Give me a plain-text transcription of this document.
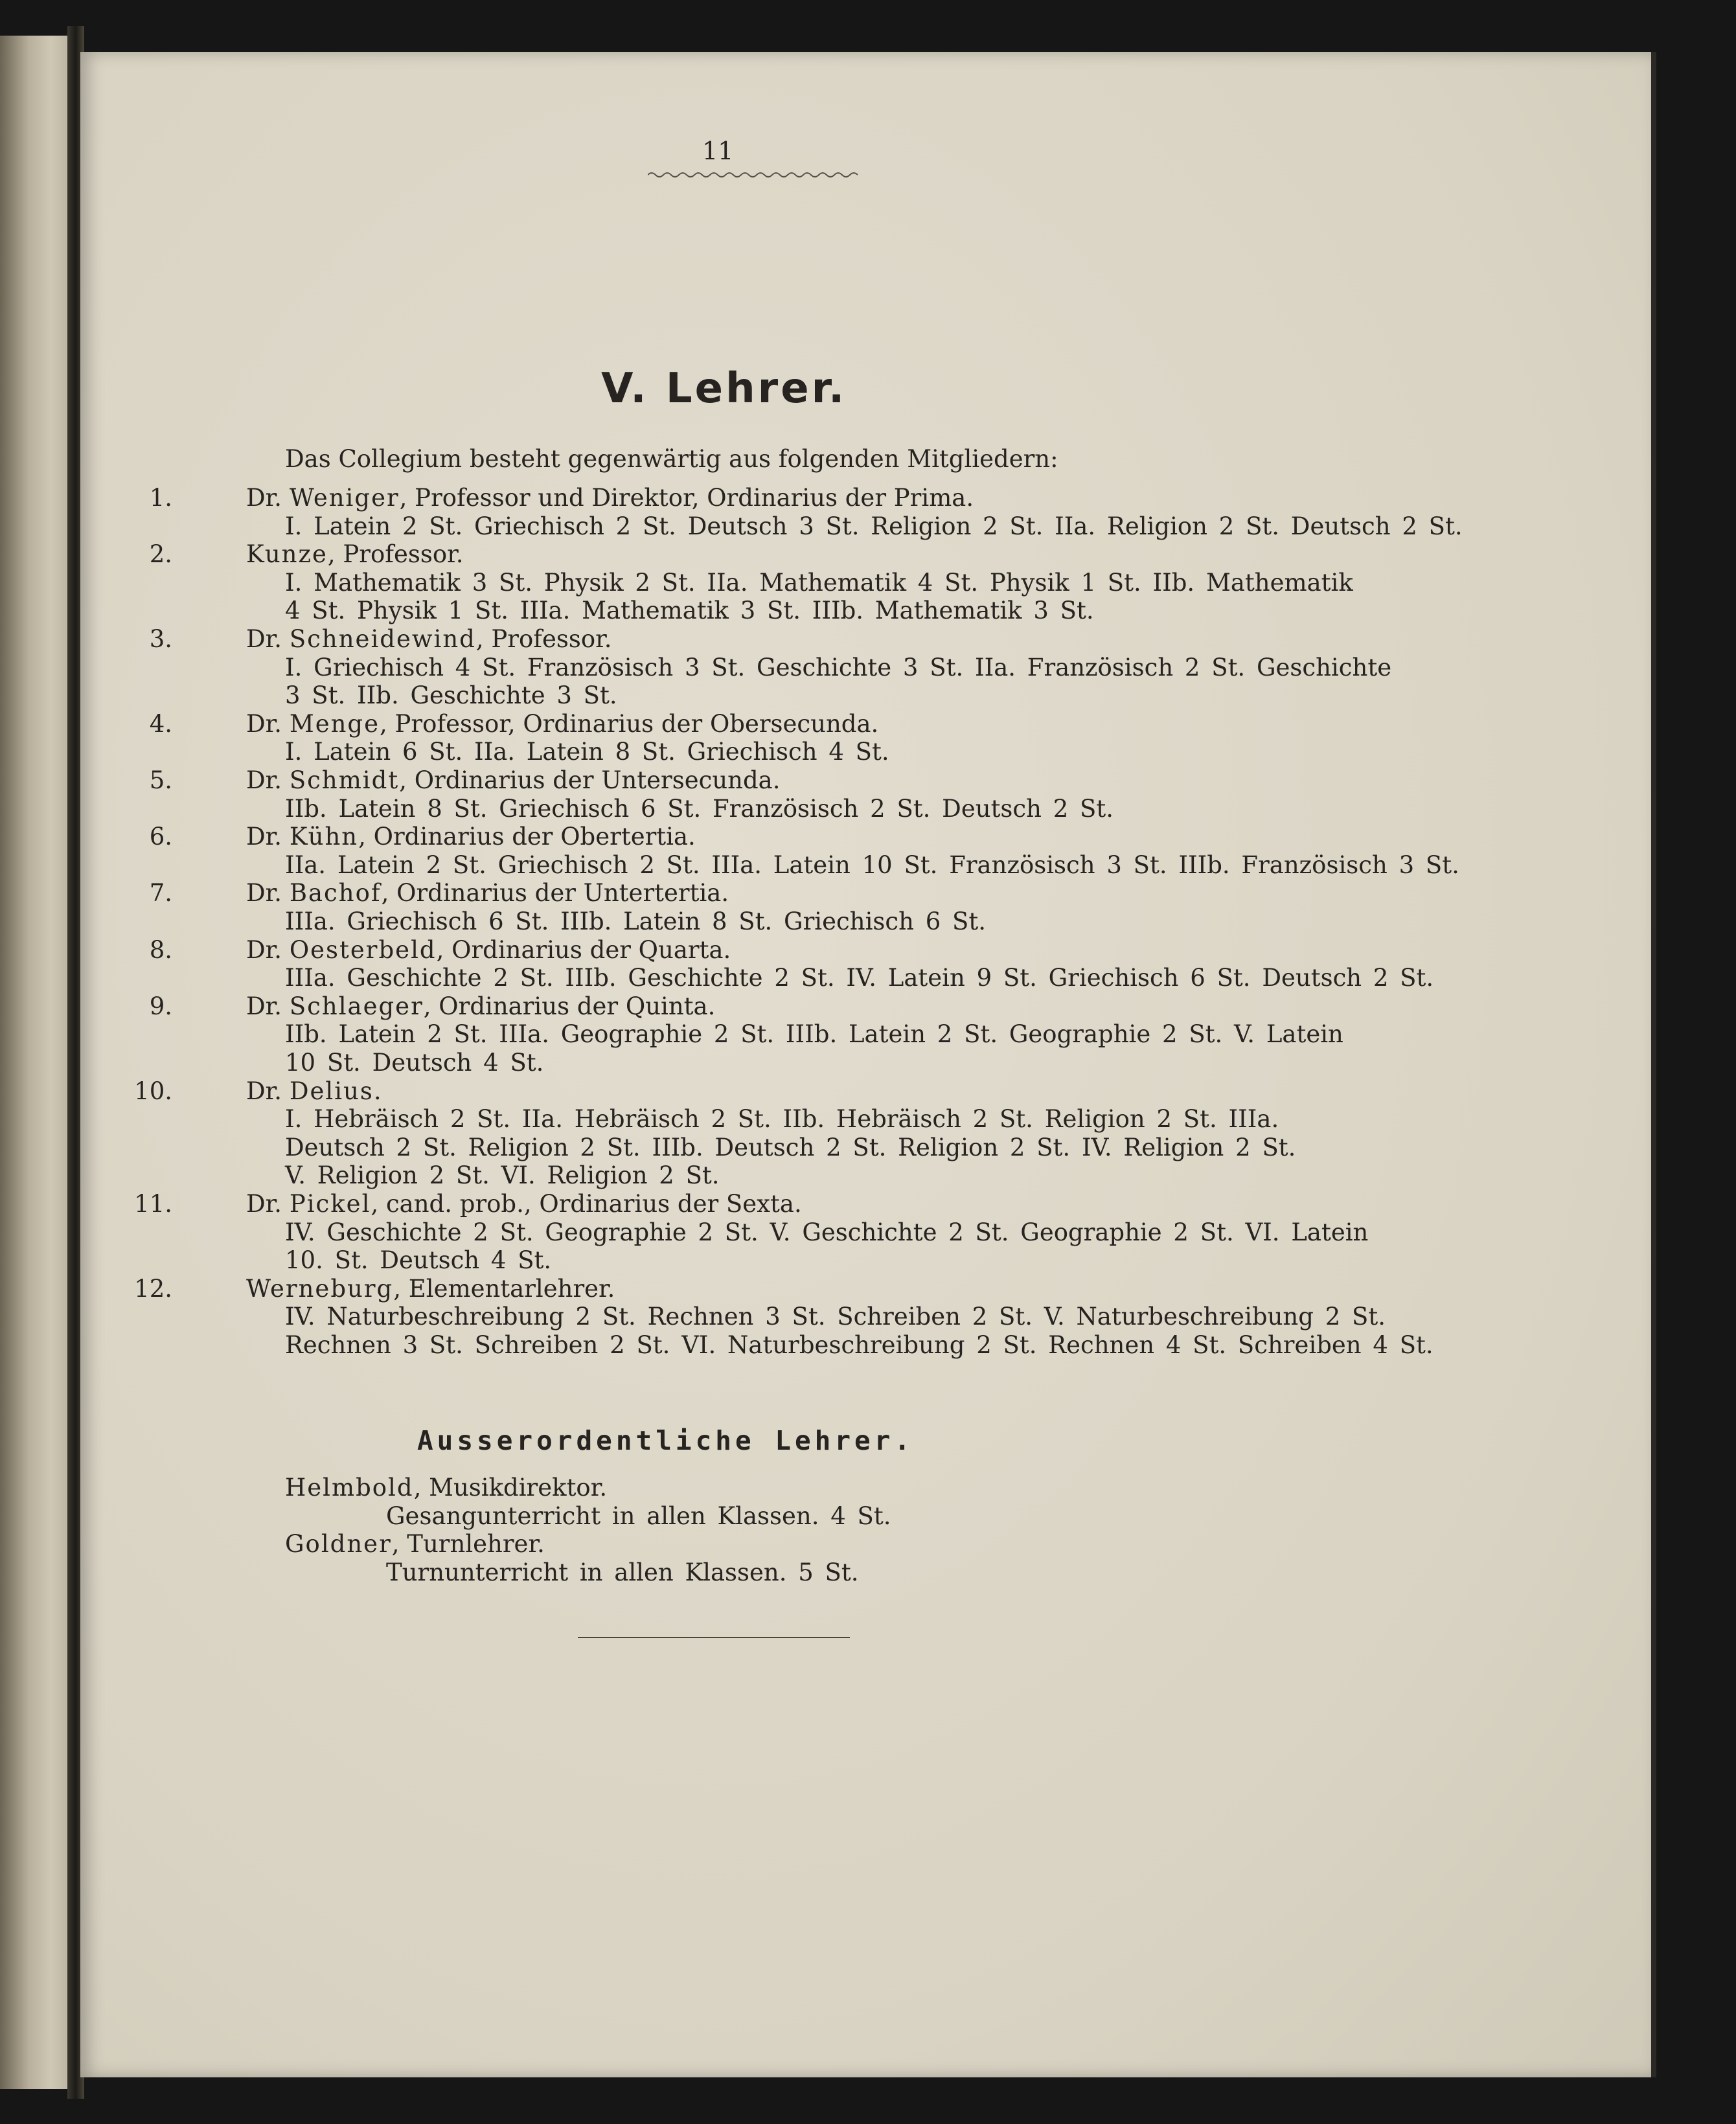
11
V. Lehrer.
Das Collegium besteht gegenwärtig aus folgenden Mitgliedern:
1.	Dr. Weniger, Professor und Direktor, Ordinarius der Prima.
I. Latein 2 St. Griechisch 2 St. Deutsch 3 St. Religion 2 St. IIa. Religion 2 St. Deutsch 2 St.
2.	Kunze, Professor.
I. Mathematik 3 St. Physik 2 St. IIa. Mathematik 4 St. Physik 1 St. IIb. Mathematik
4 St. Physik 1 St. IIIa. Mathematik 3 St. IIIb. Mathematik 3 St.
3.	Dr. Schneidewind, Professor.
I. Griechisch 4 St. Französisch 3 St. Geschichte 3 St. IIa. Französisch 2 St. Geschichte
3 St. IIb. Geschichte 3 St.
4.	Dr. Menge, Professor, Ordinarius der Obersecunda.
I. Latein 6 St. IIa. Latein 8 St. Griechisch 4 St.
5.	Dr. Schmidt, Ordinarius der Untersecunda.
IIb. Latein 8 St. Griechisch 6 St. Französisch 2 St. Deutsch 2 St.
6.	Dr. Kühn, Ordinarius der Obertertia.
IIa. Latein 2 St. Griechisch 2 St. IIIa. Latein 10 St. Französisch 3 St. IIIb. Französisch 3 St.
7.	Dr. Bachof, Ordinarius der Untertertia.
IIIa. Griechisch 6 St. IIIb. Latein 8 St. Griechisch 6 St.
8.	Dr. Oesterbeld, Ordinarius der Quarta.
IIIa. Geschichte 2 St. IIIb. Geschichte 2 St. IV. Latein 9 St. Griechisch 6 St. Deutsch 2 St.
9.	Dr. Schlaeger, Ordinarius der Quinta.
IIb. Latein 2 St. IIIa. Geographie 2 St. IIIb. Latein 2 St. Geographie 2 St. V. Latein
10 St. Deutsch 4 St.
10.	Dr. Delius.
I. Hebräisch 2 St. IIa. Hebräisch 2 St. IIb. Hebräisch 2 St. Religion 2 St. IIIa.
Deutsch 2 St. Religion 2 St. IIIb. Deutsch 2 St. Religion 2 St. IV. Religion 2 St.
V. Religion 2 St. VI. Religion 2 St.
11.	Dr. Pickel, cand. prob., Ordinarius der Sexta.
IV. Geschichte 2 St. Geographie 2 St. V. Geschichte 2 St. Geographie 2 St. VI. Latein
10. St. Deutsch 4 St.
12.	Werneburg, Elementarlehrer.
IV. Naturbeschreibung 2 St. Rechnen 3 St. Schreiben 2 St. V. Naturbeschreibung 2 St.
Rechnen 3 St. Schreiben 2 St. VI. Naturbeschreibung 2 St. Rechnen 4 St. Schreiben 4 St.
Ausserordentliche Lehrer.
Helmbold, Musikdirektor.
Gesangunterricht in allen Klassen. 4 St.
Goldner, Turnlehrer.
Turnunterricht in allen Klassen. 5 St.
